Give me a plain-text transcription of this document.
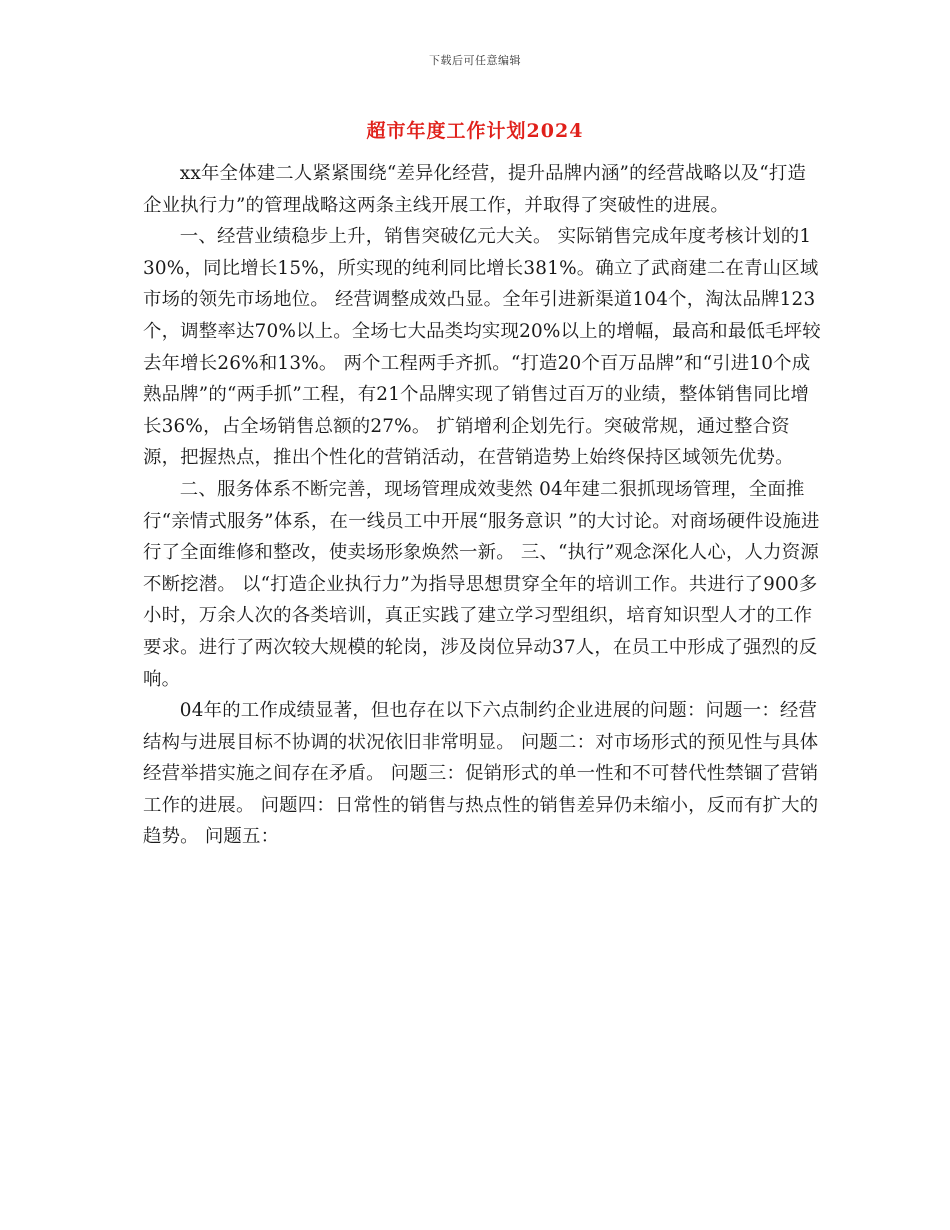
下载后可任意编辑
超市年度工作计划2024

xx年全体建二人紧紧围绕“差异化经营，提升品牌内涵”的经营战略以及“打造企业执行力”的管理战略这两条主线开展工作，并取得了突破性的进展。

一、经营业绩稳步上升，销售突破亿元大关。 实际销售完成年度考核计划的130%，同比增长15%，所实现的纯利同比增长381%。确立了武商建二在青山区域市场的领先市场地位。 经营调整成效凸显。全年引进新渠道104个，淘汰品牌123个，调整率达70%以上。全场七大品类均实现20%以上的增幅，最高和最低毛坪较去年增长26%和13%。 两个工程两手齐抓。“打造20个百万品牌”和“引进10个成熟品牌”的“两手抓”工程，有21个品牌实现了销售过百万的业绩，整体销售同比增长36%，占全场销售总额的27%。 扩销增利企划先行。突破常规，通过整合资源，把握热点，推出个性化的营销活动，在营销造势上始终保持区域领先优势。

二、服务体系不断完善，现场管理成效斐然 04年建二狠抓现场管理，全面推行“亲情式服务”体系，在一线员工中开展“服务意识 ”的大讨论。对商场硬件设施进行了全面维修和整改，使卖场形象焕然一新。 三、“执行”观念深化人心，人力资源不断挖潜。 以“打造企业执行力”为指导思想贯穿全年的培训工作。共进行了900多小时，万余人次的各类培训，真正实践了建立学习型组织，培育知识型人才的工作要求。进行了两次较大规模的轮岗，涉及岗位异动37人，在员工中形成了强烈的反响。

04年的工作成绩显著，但也存在以下六点制约企业进展的问题：问题一：经营结构与进展目标不协调的状况依旧非常明显。 问题二：对市场形式的预见性与具体经营举措实施之间存在矛盾。 问题三：促销形式的单一性和不可替代性禁锢了营销工作的进展。 问题四：日常性的销售与热点性的销售差异仍未缩小，反而有扩大的趋势。 问题五：
